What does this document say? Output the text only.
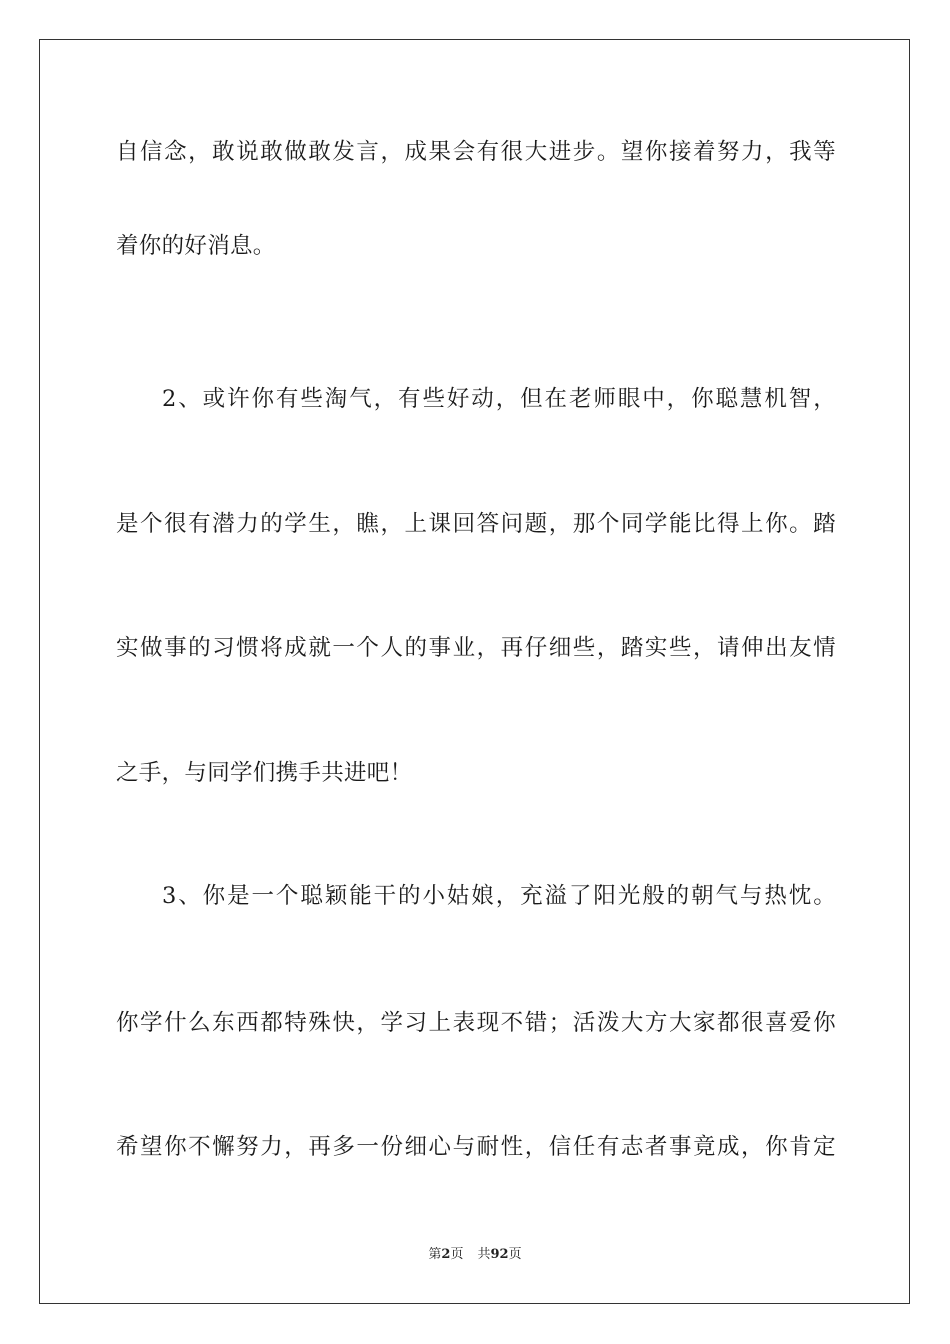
自信念，敢说敢做敢发言，成果会有很大进步。望你接着努力，我等
着你的好消息。
2、或许你有些淘气，有些好动，但在老师眼中，你聪慧机智，
是个很有潜力的学生，瞧，上课回答问题，那个同学能比得上你。踏
实做事的习惯将成就一个人的事业，再仔细些，踏实些，请伸出友情
之手，与同学们携手共进吧！
3、你是一个聪颖能干的小姑娘，充溢了阳光般的朝气与热忱。
你学什么东西都特殊快，学习上表现不错；活泼大方大家都很喜爱你
希望你不懈努力，再多一份细心与耐性，信任有志者事竟成，你肯定
第2页 共92页
